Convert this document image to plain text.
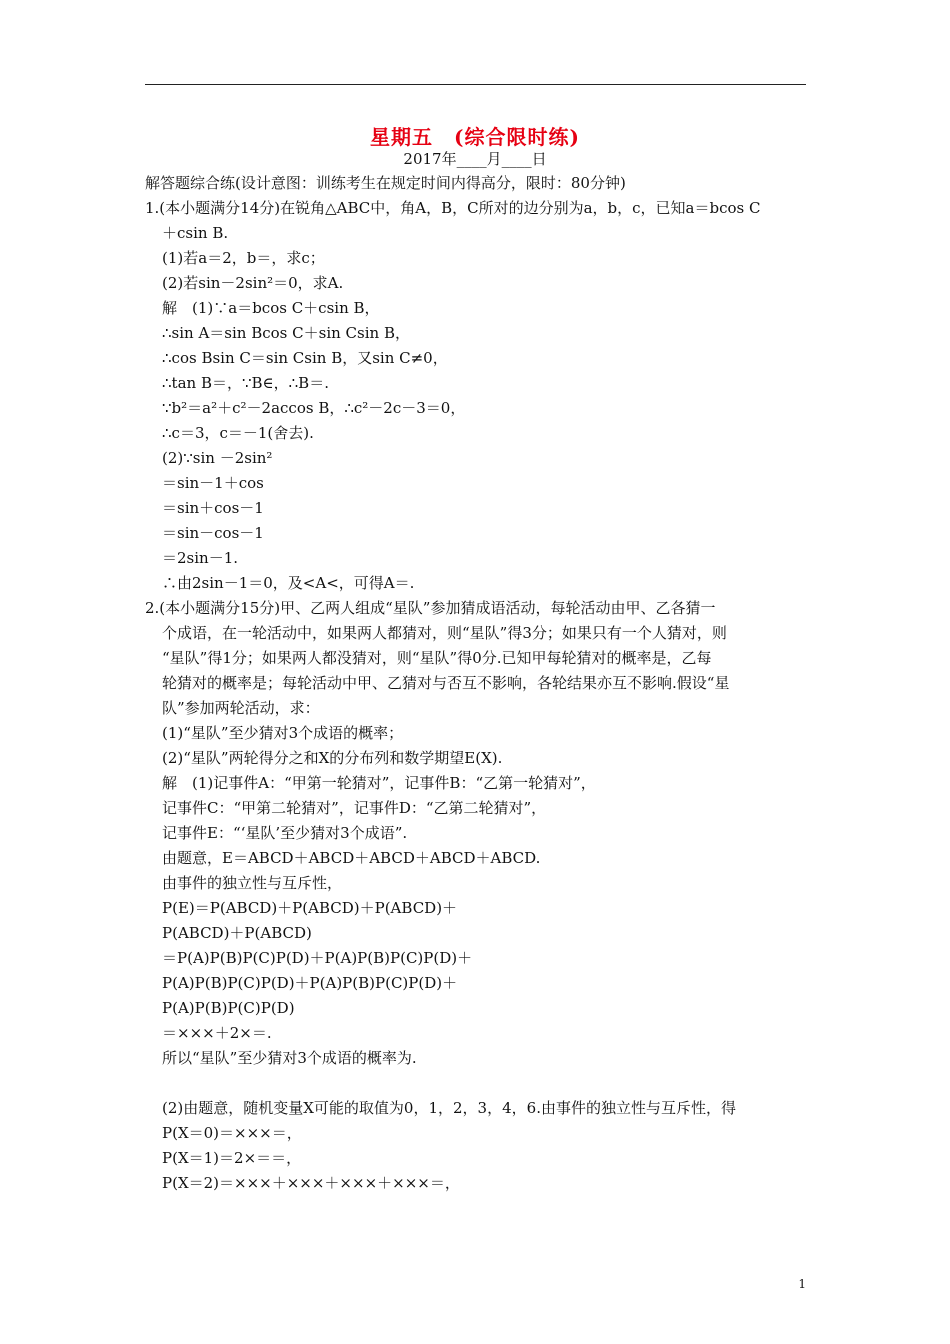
星期五　(综合限时练)
2017年____月____日
解答题综合练(设计意图：训练考生在规定时间内得高分，限时：80分钟)
1.(本小题满分14分)在锐角△ABC中，角A，B，C所对的边分别为a，b，c，已知a＝bcos C
＋csin B.
(1)若a＝2，b＝，求c；
(2)若sin－2sin²＝0，求A.
解　(1)∵a＝bcos C＋csin B，
∴sin A＝sin Bcos C＋sin Csin B，
∴cos Bsin C＝sin Csin B，又sin C≠0，
∴tan B＝，∵B∈，∴B＝.
∵b²＝a²＋c²－2accos B，∴c²－2c－3＝0，
∴c＝3，c＝－1(舍去).
(2)∵sin －2sin²
＝sin－1＋cos
＝sin＋cos－1
＝sin－cos－1
＝2sin－1.
∴由2sin－1＝0，及<A<，可得A＝.
2.(本小题满分15分)甲、乙两人组成“星队”参加猜成语活动，每轮活动由甲、乙各猜一
个成语，在一轮活动中，如果两人都猜对，则“星队”得3分；如果只有一个人猜对，则
“星队”得1分；如果两人都没猜对，则“星队”得0分.已知甲每轮猜对的概率是，乙每
轮猜对的概率是；每轮活动中甲、乙猜对与否互不影响，各轮结果亦互不影响.假设“星
队”参加两轮活动，求：
(1)“星队”至少猜对3个成语的概率；
(2)“星队”两轮得分之和X的分布列和数学期望E(X).
解　(1)记事件A：“甲第一轮猜对”，记事件B：“乙第一轮猜对”，
记事件C：“甲第二轮猜对”，记事件D：“乙第二轮猜对”，
记事件E：“‘星队’至少猜对3个成语”.
由题意，E＝ABCD＋ABCD＋ABCD＋ABCD＋ABCD.
由事件的独立性与互斥性，
P(E)＝P(ABCD)＋P(ABCD)＋P(ABCD)＋
P(ABCD)＋P(ABCD)
＝P(A)P(B)P(C)P(D)＋P(A)P(B)P(C)P(D)＋
P(A)P(B)P(C)P(D)＋P(A)P(B)P(C)P(D)＋
P(A)P(B)P(C)P(D)
＝×××＋2×＝.
所以“星队”至少猜对3个成语的概率为.
(2)由题意，随机变量X可能的取值为0，1，2，3，4，6.由事件的独立性与互斥性，得
P(X＝0)＝×××＝，
P(X＝1)＝2×＝＝，
P(X＝2)＝×××＋×××＋×××＋×××＝，
1
